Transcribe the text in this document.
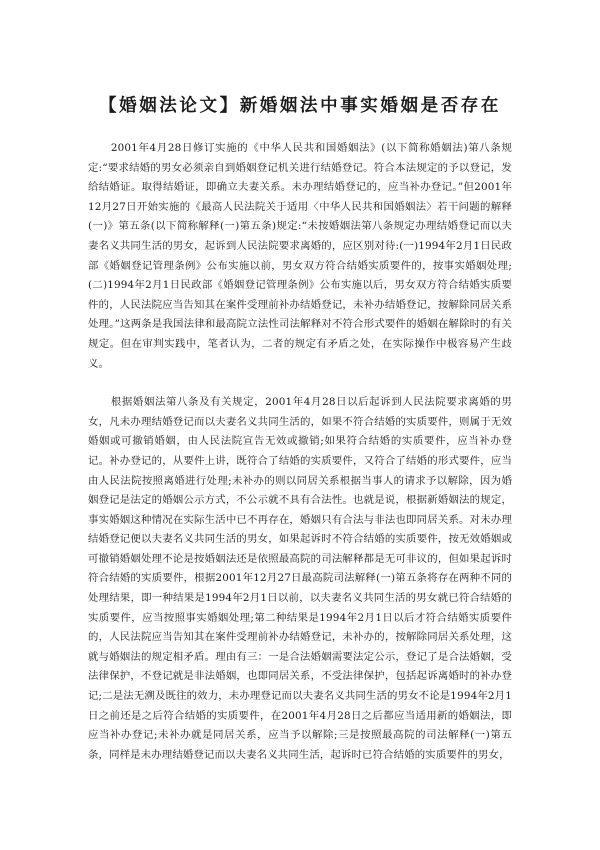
【婚姻法论文】新婚姻法中事实婚姻是否存在

2001年4月28日修订实施的《中华人民共和国婚姻法》(以下简称婚姻法)第八条规定:“要求结婚的男女必须亲自到婚姻登记机关进行结婚登记。符合本法规定的予以登记，发给结婚证。取得结婚证，即确立夫妻关系。未办理结婚登记的，应当补办登记。”但2001年12月27日开始实施的《最高人民法院关于适用〈中华人民共和国婚姻法〉若干问题的解释(一)》第五条(以下简称解释(一)第五条)规定:“未按婚姻法第八条规定办理结婚登记而以夫妻名义共同生活的男女，起诉到人民法院要求离婚的，应区别对待:(一)1994年2月1日民政部《婚姻登记管理条例》公布实施以前，男女双方符合结婚实质要件的，按事实婚姻处理;(二)1994年2月1日民政部《婚姻登记管理条例》公布实施以后，男女双方符合结婚实质要件的，人民法院应当告知其在案件受理前补办结婚登记，未补办结婚登记，按解除同居关系处理。”这两条是我国法律和最高院立法性司法解释对不符合形式要件的婚姻在解除时的有关规定。但在审判实践中，笔者认为，二者的规定有矛盾之处，在实际操作中极容易产生歧义。

根据婚姻法第八条及有关规定，2001年4月28日以后起诉到人民法院要求离婚的男女，凡未办理结婚登记而以夫妻名义共同生活的，如果不符合结婚的实质要件，则属于无效婚姻或可撤销婚姻，由人民法院宣告无效或撤销;如果符合结婚的实质要件，应当补办登记。补办登记的，从要件上讲，既符合了结婚的实质要件，又符合了结婚的形式要件，应当由人民法院按照离婚进行处理;未补办的则以同居关系根据当事人的请求予以解除，因为婚姻登记是法定的婚姻公示方式，不公示就不具有合法性。也就是说，根据新婚姻法的规定，事实婚姻这种情况在实际生活中已不再存在，婚姻只有合法与非法也即同居关系。对未办理结婚登记便以夫妻名义共同生活的男女，如果起诉时不符合结婚的实质要件，按无效婚姻或可撤销婚姻处理不论是按婚姻法还是依照最高院的司法解释都是无可非议的，但如果起诉时符合结婚的实质要件，根据2001年12月27日最高院司法解释(一)第五条将存在两种不同的处理结果，即一种结果是1994年2月1日以前，以夫妻名义共同生活的男女就已符合结婚的实质要件，应当按照事实婚姻处理;第二种结果是1994年2月1日以后才符合结婚实质要件的，人民法院应当告知其在案件受理前补办结婚登记，未补办的，按解除同居关系处理，这就与婚姻法的规定相矛盾。理由有三：一是合法婚姻需要法定公示，登记了是合法婚姻，受法律保护，不登记就是非法婚姻，也即同居关系，不受法律保护，包括起诉离婚时的补办登记;二是法无溯及既往的效力，未办理登记而以夫妻名义共同生活的男女不论是1994年2月1日之前还是之后符合结婚的实质要件，在2001年4月28日之后都应当适用新的婚姻法，即应当补办登记;未补办就是同居关系，应当予以解除;三是按照最高院的司法解释(一)第五条，同样是未办理结婚登记而以夫妻名义共同生活，起诉时已符合结婚的实质要件的男女，
